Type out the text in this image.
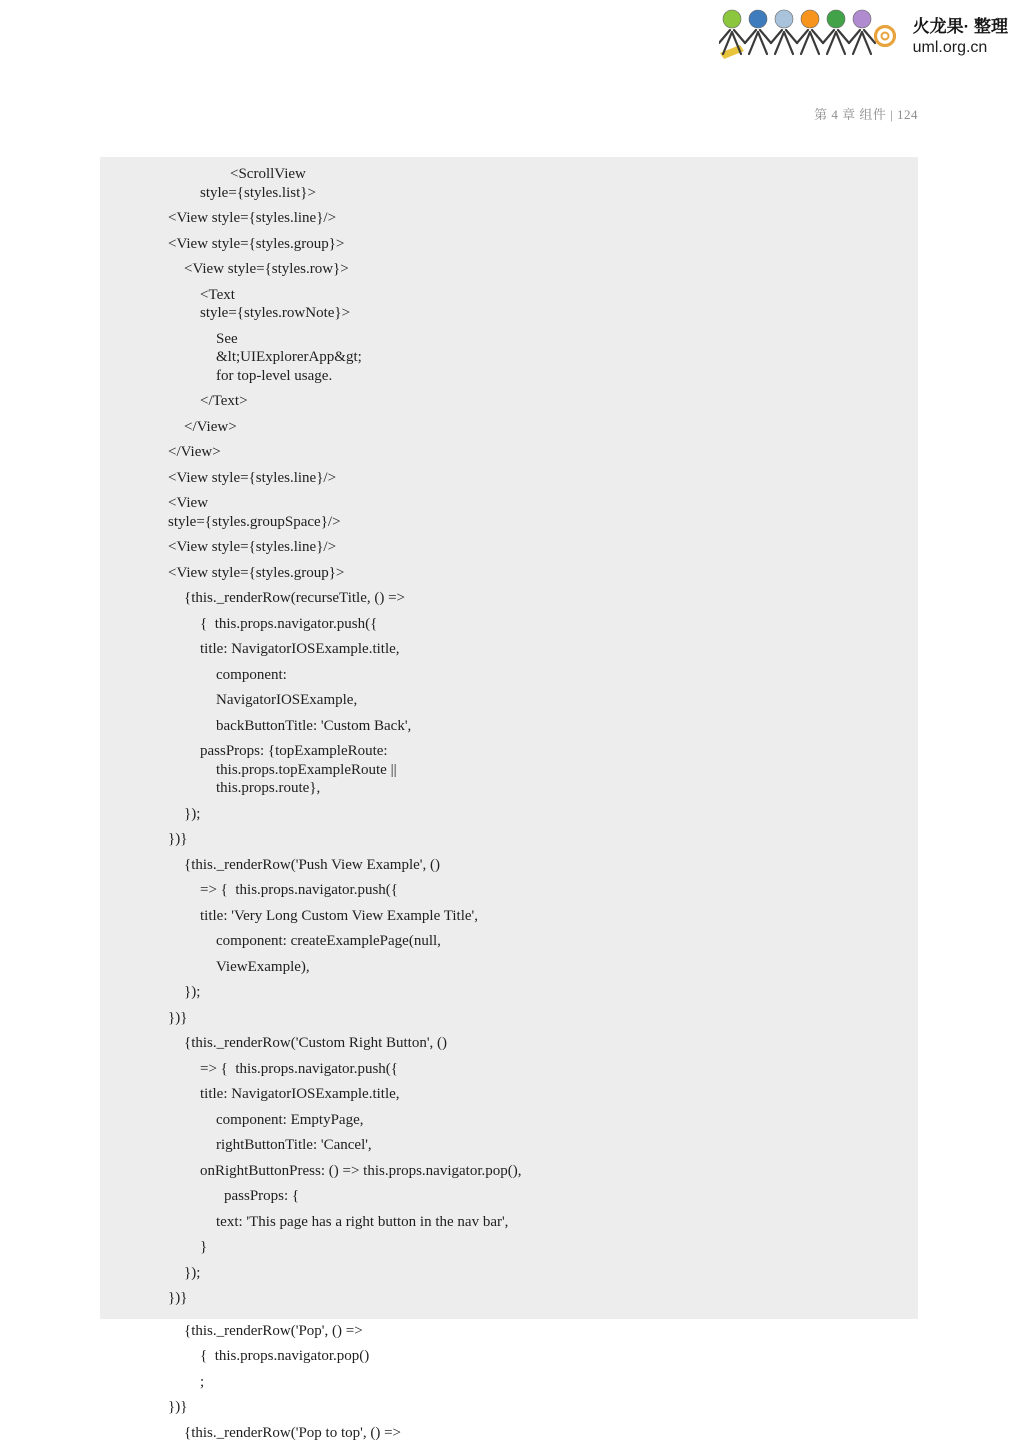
火龙果· 整理
uml.org.cn
第 4 章 组件 | 124
<ScrollView
style={styles.list}>
<View style={styles.line}/>
<View style={styles.group}>
<View style={styles.row}>
<Text
style={styles.rowNote}>
See
&lt;UIExplorerApp&gt;
for top-level usage.
</Text>
</View>
</View>
<View style={styles.line}/>
<View
style={styles.groupSpace}/>
<View style={styles.line}/>
<View style={styles.group}>
{this._renderRow(recurseTitle, () =>
{  this.props.navigator.push({
title: NavigatorIOSExample.title,
component:
NavigatorIOSExample,
backButtonTitle: 'Custom Back',
passProps: {topExampleRoute:
this.props.topExampleRoute ||
this.props.route},
});
})}
{this._renderRow('Push View Example', ()
=> {  this.props.navigator.push({
title: 'Very Long Custom View Example Title',
component: createExamplePage(null,
ViewExample),
});
})}
{this._renderRow('Custom Right Button', ()
=> {  this.props.navigator.push({
title: NavigatorIOSExample.title,
component: EmptyPage,
rightButtonTitle: 'Cancel',
onRightButtonPress: () => this.props.navigator.pop(),
passProps: {
text: 'This page has a right button in the nav bar',
}
});
})}
{this._renderRow('Pop', () =>
{  this.props.navigator.pop()
;
})}
{this._renderRow('Pop to top', () =>
